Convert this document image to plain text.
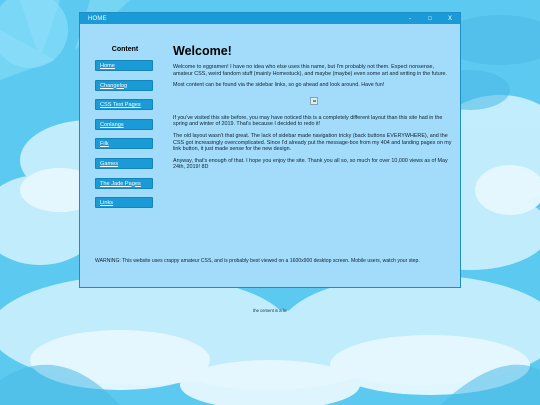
HOME	-	□	X
Content
Home
Changelog
CSS Test Pages
Conlangs
Filk
Games
The Jade Pages
Links
Welcome!

Welcome to eggramen! I have no idea who else uses this name, but I'm probably not them. Expect nonsense, amateur CSS, weird fandom stuff (mainly Homestuck), and maybe (maybe) even some art and writing in the future.

Most content can be found via the sidebar links, so go ahead and look around. Have fun!

If you've visited this site before, you may have noticed this is a completely different layout than this site had in the spring and winter of 2019. That's because I decided to redo it!

The old layout wasn't that great. The lack of sidebar made navigation tricky (back buttons EVERYWHERE), and the CSS got increasingly overcomplicated. Since I'd already put the message-box from my 404 and landing pages on my link button, it just made sense for the new design.

Anyway, that's enough of that. I hope you enjoy the site. Thank you all so, so much for over 10,000 views as of May 24th, 2019! 8D

WARNING: This website uses crappy amateur CSS, and is probably best viewed on a 1600x900 desktop screen. Mobile users, watch your step.
the cement is a lie
